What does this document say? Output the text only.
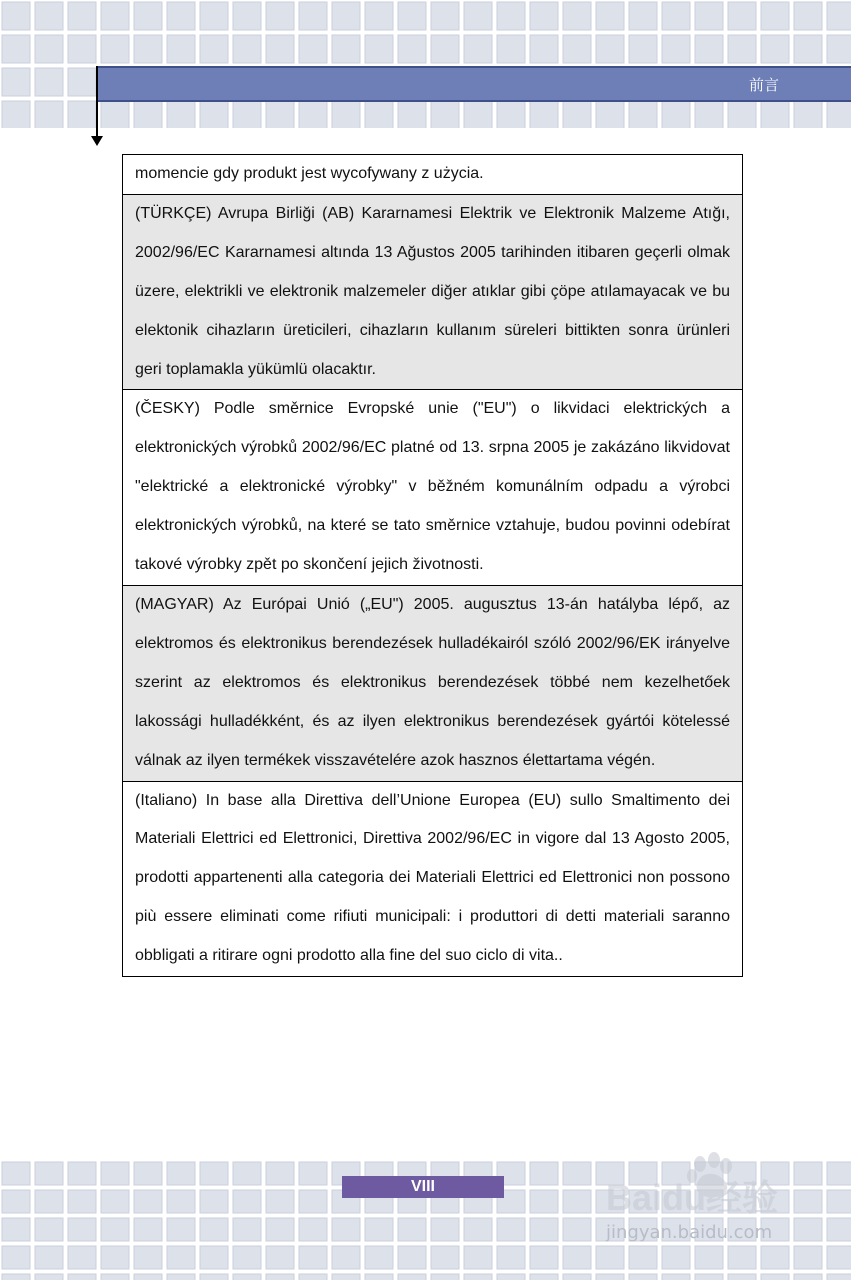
前言
momencie gdy produkt jest wycofywany z użycia.
(TÜRKÇE) Avrupa Birliği (AB) Kararnamesi Elektrik ve Elektronik Malzeme Atığı, 2002/96/EC Kararnamesi altında 13 Ağustos 2005 tarihinden itibaren geçerli olmak üzere, elektrikli ve elektronik malzemeler diğer atıklar gibi çöpe atılamayacak ve bu elektonik cihazların üreticileri, cihazların kullanım süreleri bittikten sonra ürünleri geri toplamakla yükümlü olacaktır.
(ČESKY) Podle směrnice Evropské unie ("EU") o likvidaci elektrických a elektronických výrobků 2002/96/EC platné od 13. srpna 2005 je zakázáno likvidovat "elektrické a elektronické výrobky" v běžném komunálním odpadu a výrobci elektronických výrobků, na které se tato směrnice vztahuje, budou povinni odebírat takové výrobky zpět po skončení jejich životnosti.
(MAGYAR) Az Európai Unió („EU") 2005. augusztus 13-án hatályba lépő, az elektromos és elektronikus berendezések hulladékairól szóló 2002/96/EK irányelve szerint az elektromos és elektronikus berendezések többé nem kezelhetőek lakossági hulladékként, és az ilyen elektronikus berendezések gyártói kötelessé válnak az ilyen termékek visszavételére azok hasznos élettartama végén.
(Italiano) In base alla Direttiva dell’Unione Europea (EU) sullo Smaltimento dei Materiali Elettrici ed Elettronici, Direttiva 2002/96/EC in vigore dal 13 Agosto 2005, prodotti appartenenti alla categoria dei Materiali Elettrici ed Elettronici non possono più essere eliminati come rifiuti municipali: i produttori di detti materiali saranno obbligati a ritirare ogni prodotto alla fine del suo ciclo di vita..
VIII	Baidu经验
jingyan.baidu.com
